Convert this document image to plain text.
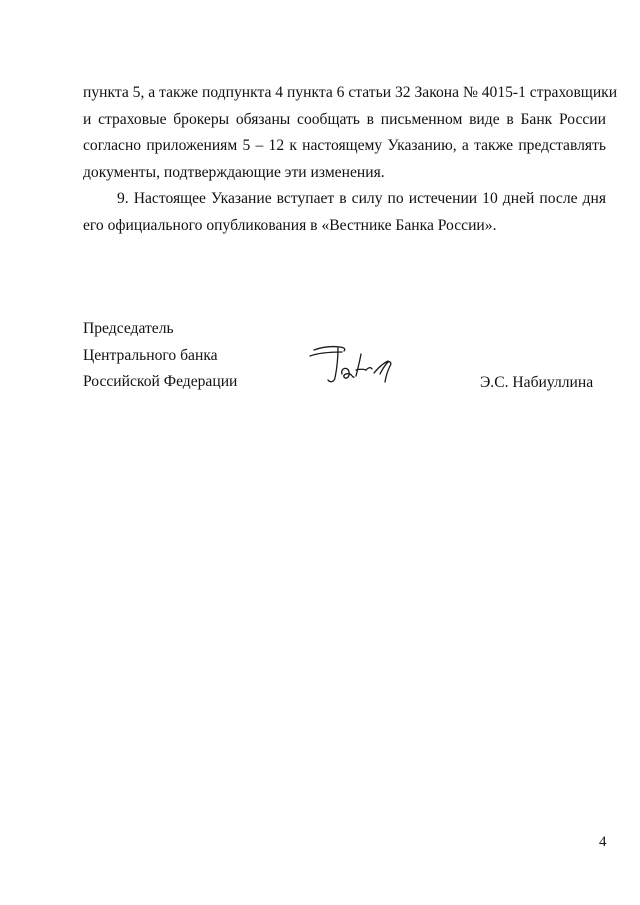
пункта 5, а также подпункта 4 пункта 6 статьи 32 Закона № 4015-1 страховщики
и страховые брокеры обязаны сообщать в письменном виде в Банк России
согласно приложениям 5 – 12 к настоящему Указанию, а также представлять
документы, подтверждающие эти изменения.

9. Настоящее Указание вступает в силу по истечении 10 дней после дня
его официального опубликования в «Вестнике Банка России».

Председатель
Центрального банка
Российской Федерации	Э.С. Набиуллина
4
